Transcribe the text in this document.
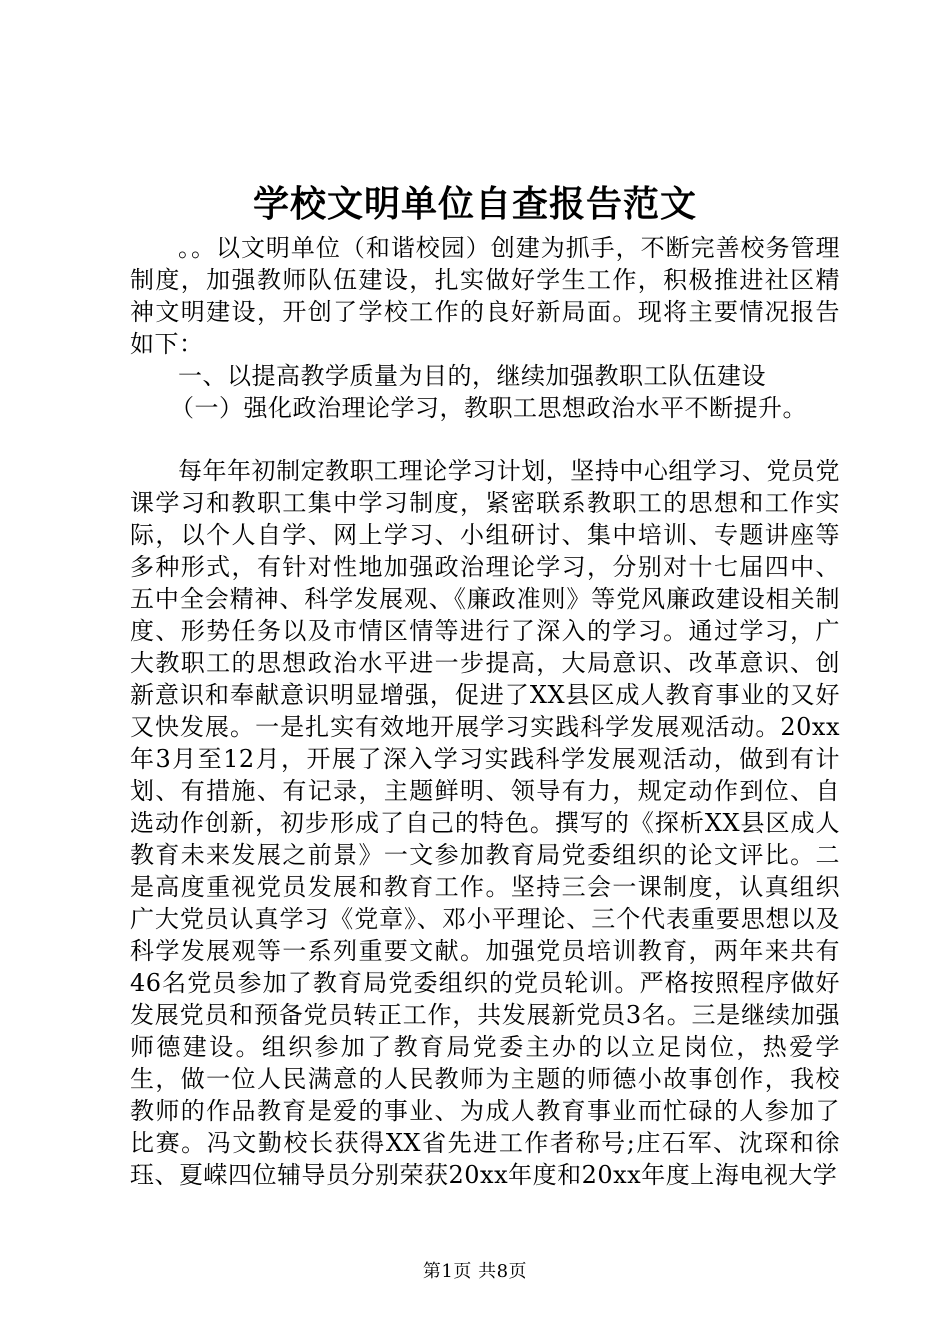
学校文明单位自查报告范文
。。以文明单位（和谐校园）创建为抓手，不断完善校务管理制度，加强教师队伍建设，扎实做好学生工作，积极推进社区精神文明建设，开创了学校工作的良好新局面。现将主要情况报告如下：
一、以提高教学质量为目的，继续加强教职工队伍建设
（一）强化政治理论学习，教职工思想政治水平不断提升。
每年年初制定教职工理论学习计划，坚持中心组学习、党员党课学习和教职工集中学习制度，紧密联系教职工的思想和工作实际，以个人自学、网上学习、小组研讨、集中培训、专题讲座等多种形式，有针对性地加强政治理论学习，分别对十七届四中、五中全会精神、科学发展观、《廉政准则》等党风廉政建设相关制度、形势任务以及市情区情等进行了深入的学习。通过学习，广大教职工的思想政治水平进一步提高，大局意识、改革意识、创新意识和奉献意识明显增强，促进了XX县区成人教育事业的又好又快发展。一是扎实有效地开展学习实践科学发展观活动。20xx年3月至12月，开展了深入学习实践科学发展观活动，做到有计划、有措施、有记录，主题鲜明、领导有力，规定动作到位、自选动作创新，初步形成了自己的特色。撰写的《探析XX县区成人教育未来发展之前景》一文参加教育局党委组织的论文评比。二是高度重视党员发展和教育工作。坚持三会一课制度，认真组织广大党员认真学习《党章》、邓小平理论、三个代表重要思想以及科学发展观等一系列重要文献。加强党员培训教育，两年来共有46名党员参加了教育局党委组织的党员轮训。严格按照程序做好发展党员和预备党员转正工作，共发展新党员3名。三是继续加强师德建设。组织参加了教育局党委主办的以立足岗位，热爱学生，做一位人民满意的人民教师为主题的师德小故事创作，我校教师的作品教育是爱的事业、为成人教育事业而忙碌的人参加了比赛。冯文勤校长获得XX省先进工作者称号;庄石军、沈琛和徐珏、夏嵘四位辅导员分别荣获20xx年度和20xx年度上海电视大学
第1页 共8页
